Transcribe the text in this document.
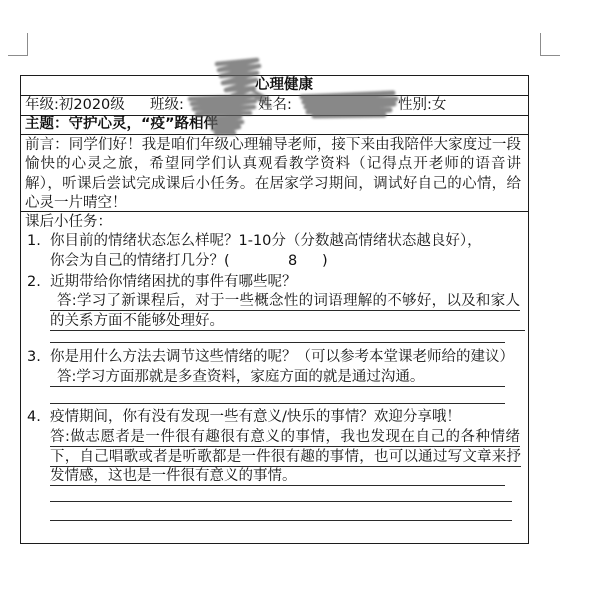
心理健康
年级:初2020级 班级:	姓名:	性别:女
主题：守护心灵，“疫”路相伴
前言：同学们好！我是咱们年级心理辅导老师，接下来由我陪伴大家度过一段
愉快的心灵之旅，希望同学们认真观看教学资料（记得点开老师的语音讲
解），听课后尝试完成课后小任务。在居家学习期间，调试好自己的心情，给
心灵一片晴空！
课后小任务：
1. 你目前的情绪状态怎么样呢？1-10分（分数越高情绪状态越良好），
你会为自己的情绪打几分？(	8 )
2. 近期带给你情绪困扰的事件有哪些呢？
答:学习了新课程后，对于一些概念性的词语理解的不够好，以及和家人
的关系方面不能够处理好。
3. 你是用什么方法去调节这些情绪的呢？（可以参考本堂课老师给的建议）
答:学习方面那就是多查资料，家庭方面的就是通过沟通。
4. 疫情期间，你有没有发现一些有意义/快乐的事情？欢迎分享哦！
答:做志愿者是一件很有趣很有意义的事情，我也发现在自己的各种情绪
下，自己唱歌或者是听歌都是一件很有趣的事情，也可以通过写文章来抒
发情感，这也是一件很有意义的事情。
